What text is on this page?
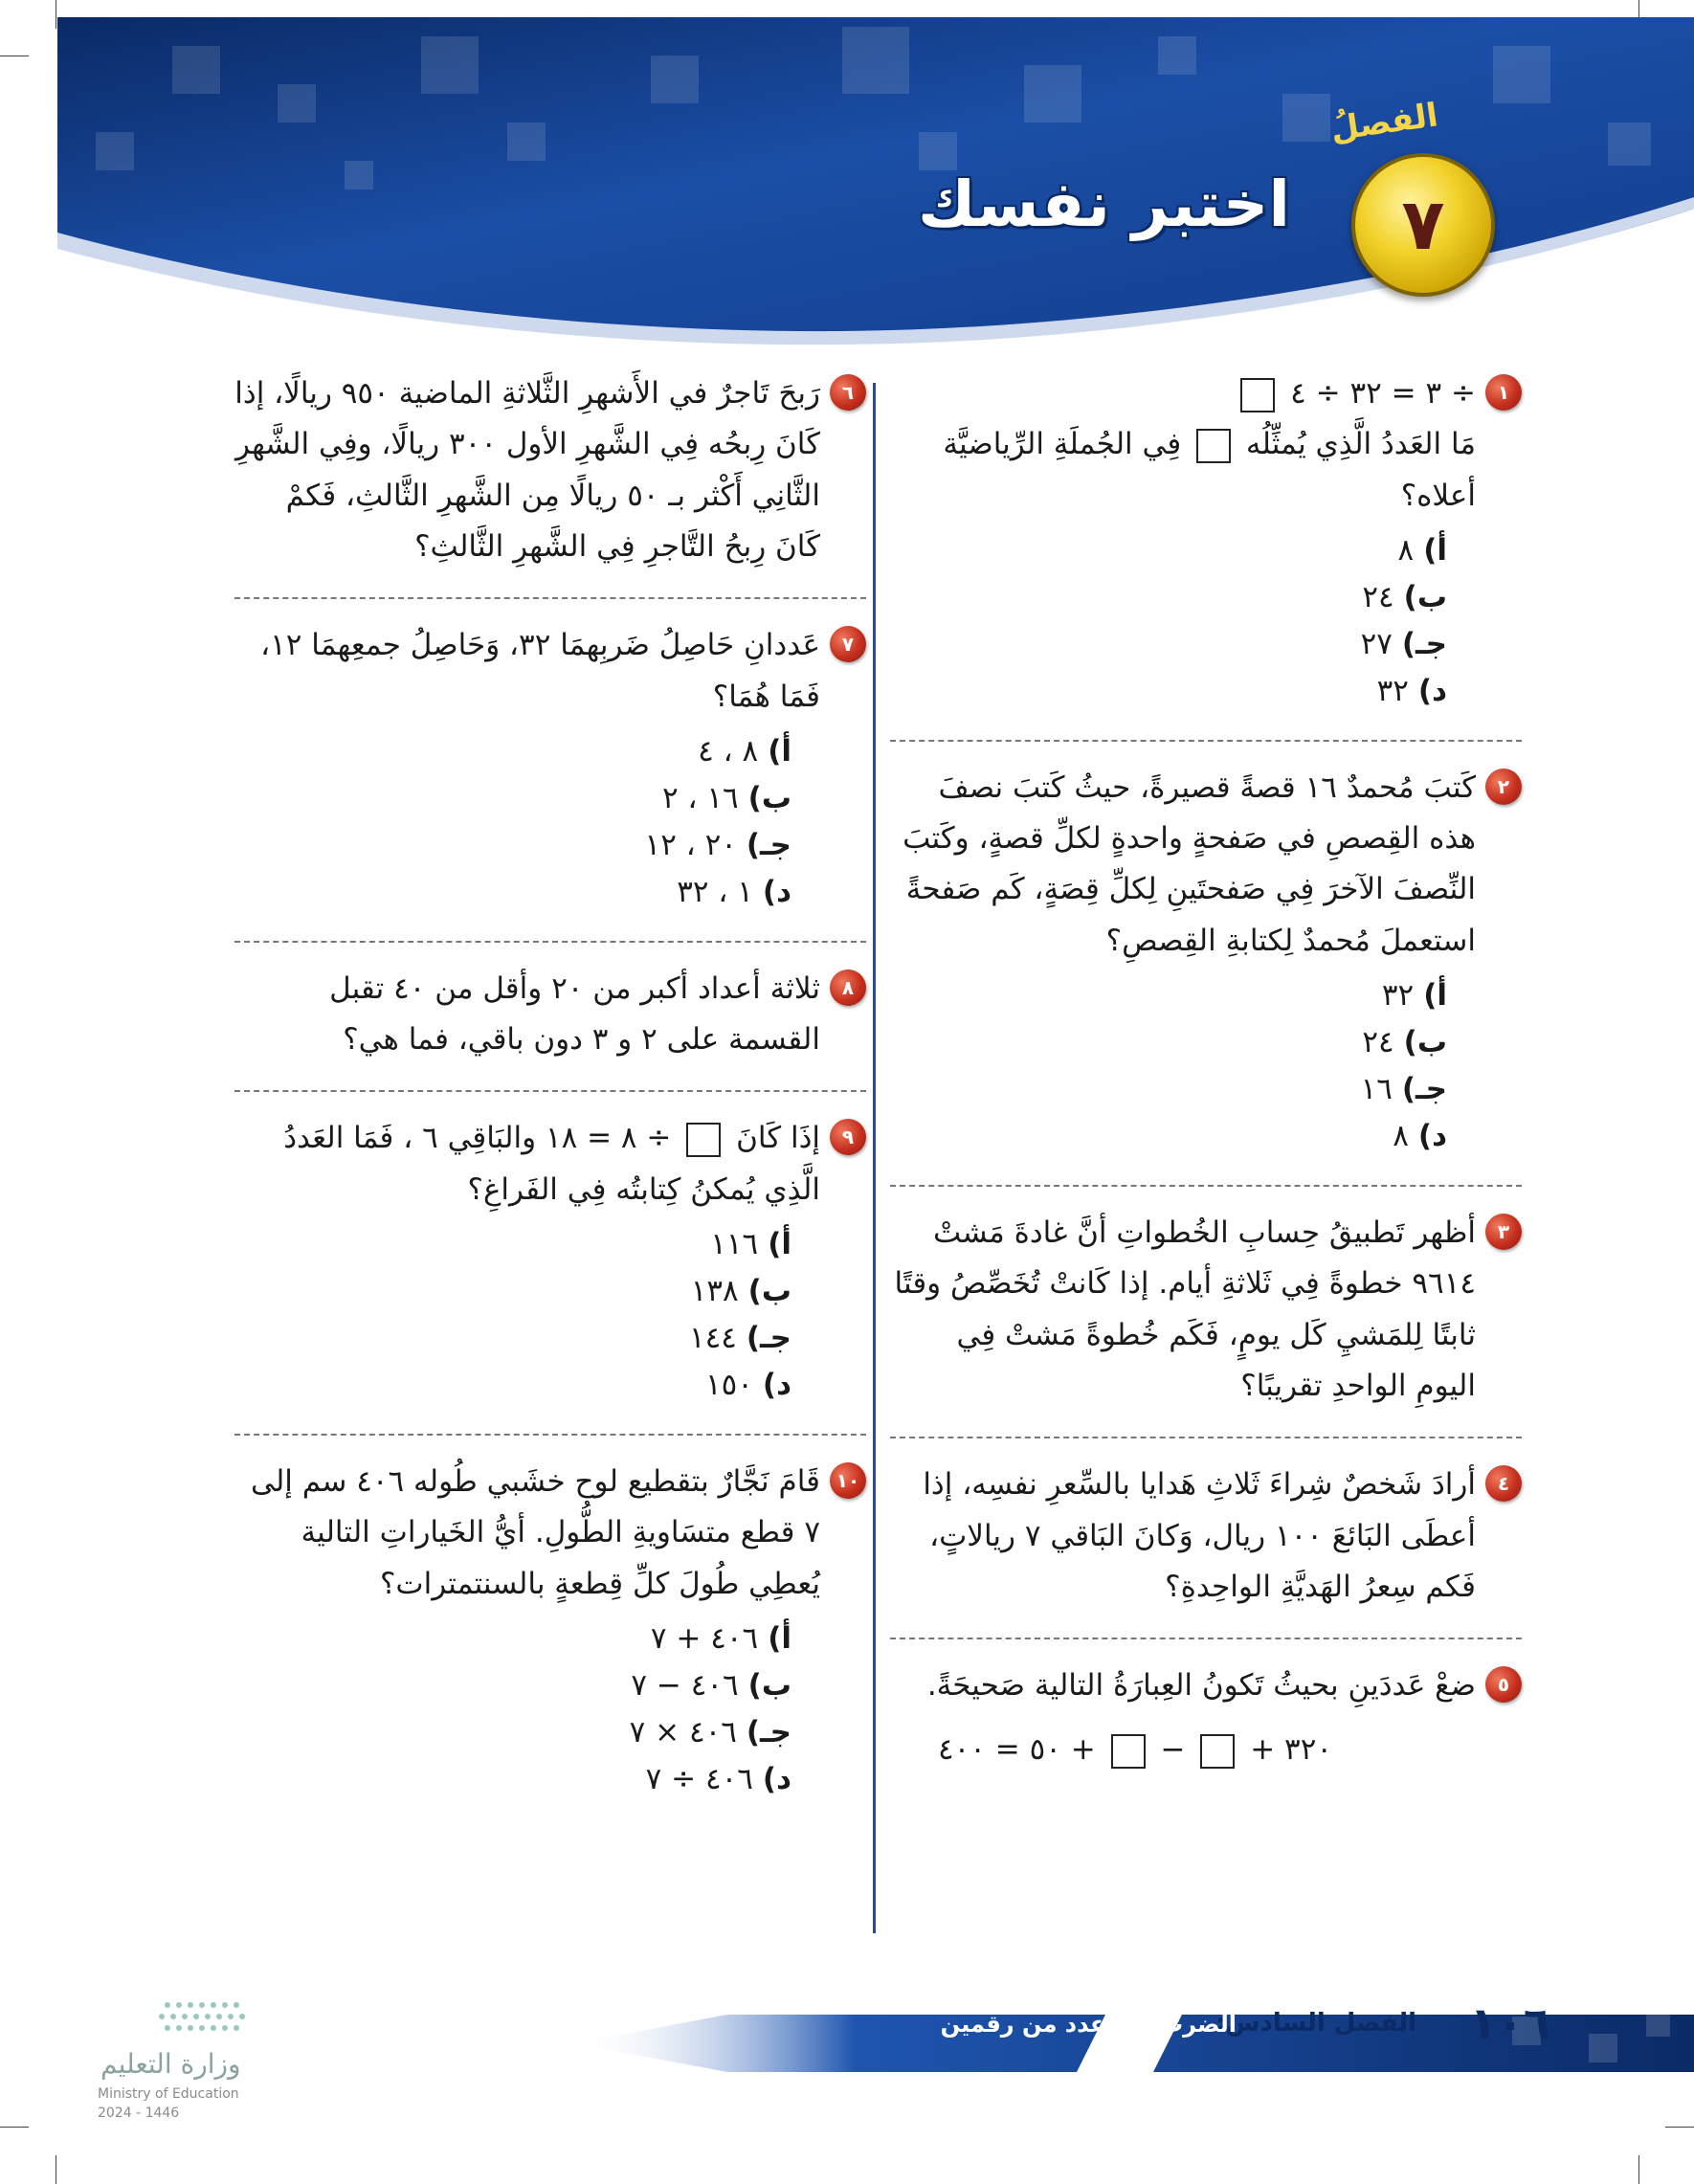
الفصلُ
٧
اختبر نفسك
١

÷ ٣ = ٣٢ ÷ ٤

مَا العَددُ الَّذِي يُمثِّلُه  فِي الجُملَةِ الرِّياضيَّة أعلاه؟

أ)٨
ب)٢٤
جـ)٢٧
د)٣٢
٢

كَتبَ مُحمدٌ ١٦ قصةً قصيرةً، حيثُ كَتبَ نصفَ هذه القِصصِ في صَفحةٍ واحدةٍ لكلِّ قصةٍ، وكَتبَ النِّصفَ الآخرَ فِي صَفحتَينِ لِكلِّ قِصَةٍ، كَم صَفحةً استعملَ مُحمدٌ لِكتابةِ القِصصِ؟

أ)٣٢
ب)٢٤
جـ)١٦
د)٨
٣

أظهر تَطبيقُ حِسابِ الخُطواتِ أنَّ غادةَ مَشتْ ٩٦١٤ خطوةً فِي ثَلاثةِ أيام. إذا كَانتْ تُخَصِّصُ وقتًا ثابتًا لِلمَشيِ كَل يومٍ، فَكَم خُطوةً مَشتْ فِي اليومِ الواحدِ تقريبًا؟

٤

أرادَ شَخصٌ شِراءَ ثَلاثِ هَدايا بالسِّعرِ نفسِه، إذا أعطَى البَائعَ ١٠٠ ريال، وَكانَ البَاقي ٧ ريالاتٍ، فَكم سِعرُ الهَديَّةِ الواحِدةِ؟

٥

ضعْ عَددَينِ بحيثُ تَكونُ العِبارَةُ التالية صَحيحَةً.

٣٢٠ +  −  + ٥٠ = ٤٠٠
٦

رَبحَ تَاجرٌ في الأَشهرِ الثَّلاثةِ الماضية ٩٥٠ ريالًا، إذا كَانَ رِبحُه فِي الشَّهرِ الأول ٣٠٠ ريالًا، وفِي الشَّهرِ الثَّانِي أَكْثر بـ ٥٠ ريالًا مِن الشَّهرِ الثَّالثِ، فَكمْ كَانَ رِبحُ التَّاجرِ فِي الشَّهرِ الثَّالثِ؟

٧

عَددانِ حَاصِلُ ضَربِهمَا ٣٢، وَحَاصِلُ جمعِهمَا ١٢، فَمَا هُمَا؟

أ)٨ ، ٤
ب)١٦ ، ٢
جـ)٢٠ ، ١٢
د)١ ، ٣٢
٨

ثلاثة أعداد أكبر من ٢٠ وأقل من ٤٠ تقبل القسمة على ٢ و ٣ دون باقي، فما هي؟

٩

إذَا كَانَ  ÷ ٨ = ١٨ والبَاقِي ٦ ، فَمَا العَددُ الَّذِي يُمكنُ كِتابتُه فِي الفَراغِ؟

أ)١١٦
ب)١٣٨
جـ)١٤٤
د)١٥٠
١٠

قَامَ نَجَّارٌ بتقطيع لوح خشَبي طُوله ٤٠٦ سم إلى ٧ قطع متسَاويةِ الطُّولِ. أيُّ الخَياراتِ التالية يُعطِي طُولَ كلِّ قِطعةٍ بالسنتمترات؟

أ)٤٠٦ + ٧
ب)٤٠٦ − ٧
جـ)٤٠٦ × ٧
د)٤٠٦ ÷ ٧
١٠٦
الفصل السادس:
الضرب في عدد من رقمين
وزارة التعليم
Ministry of Education
2024 - 1446
